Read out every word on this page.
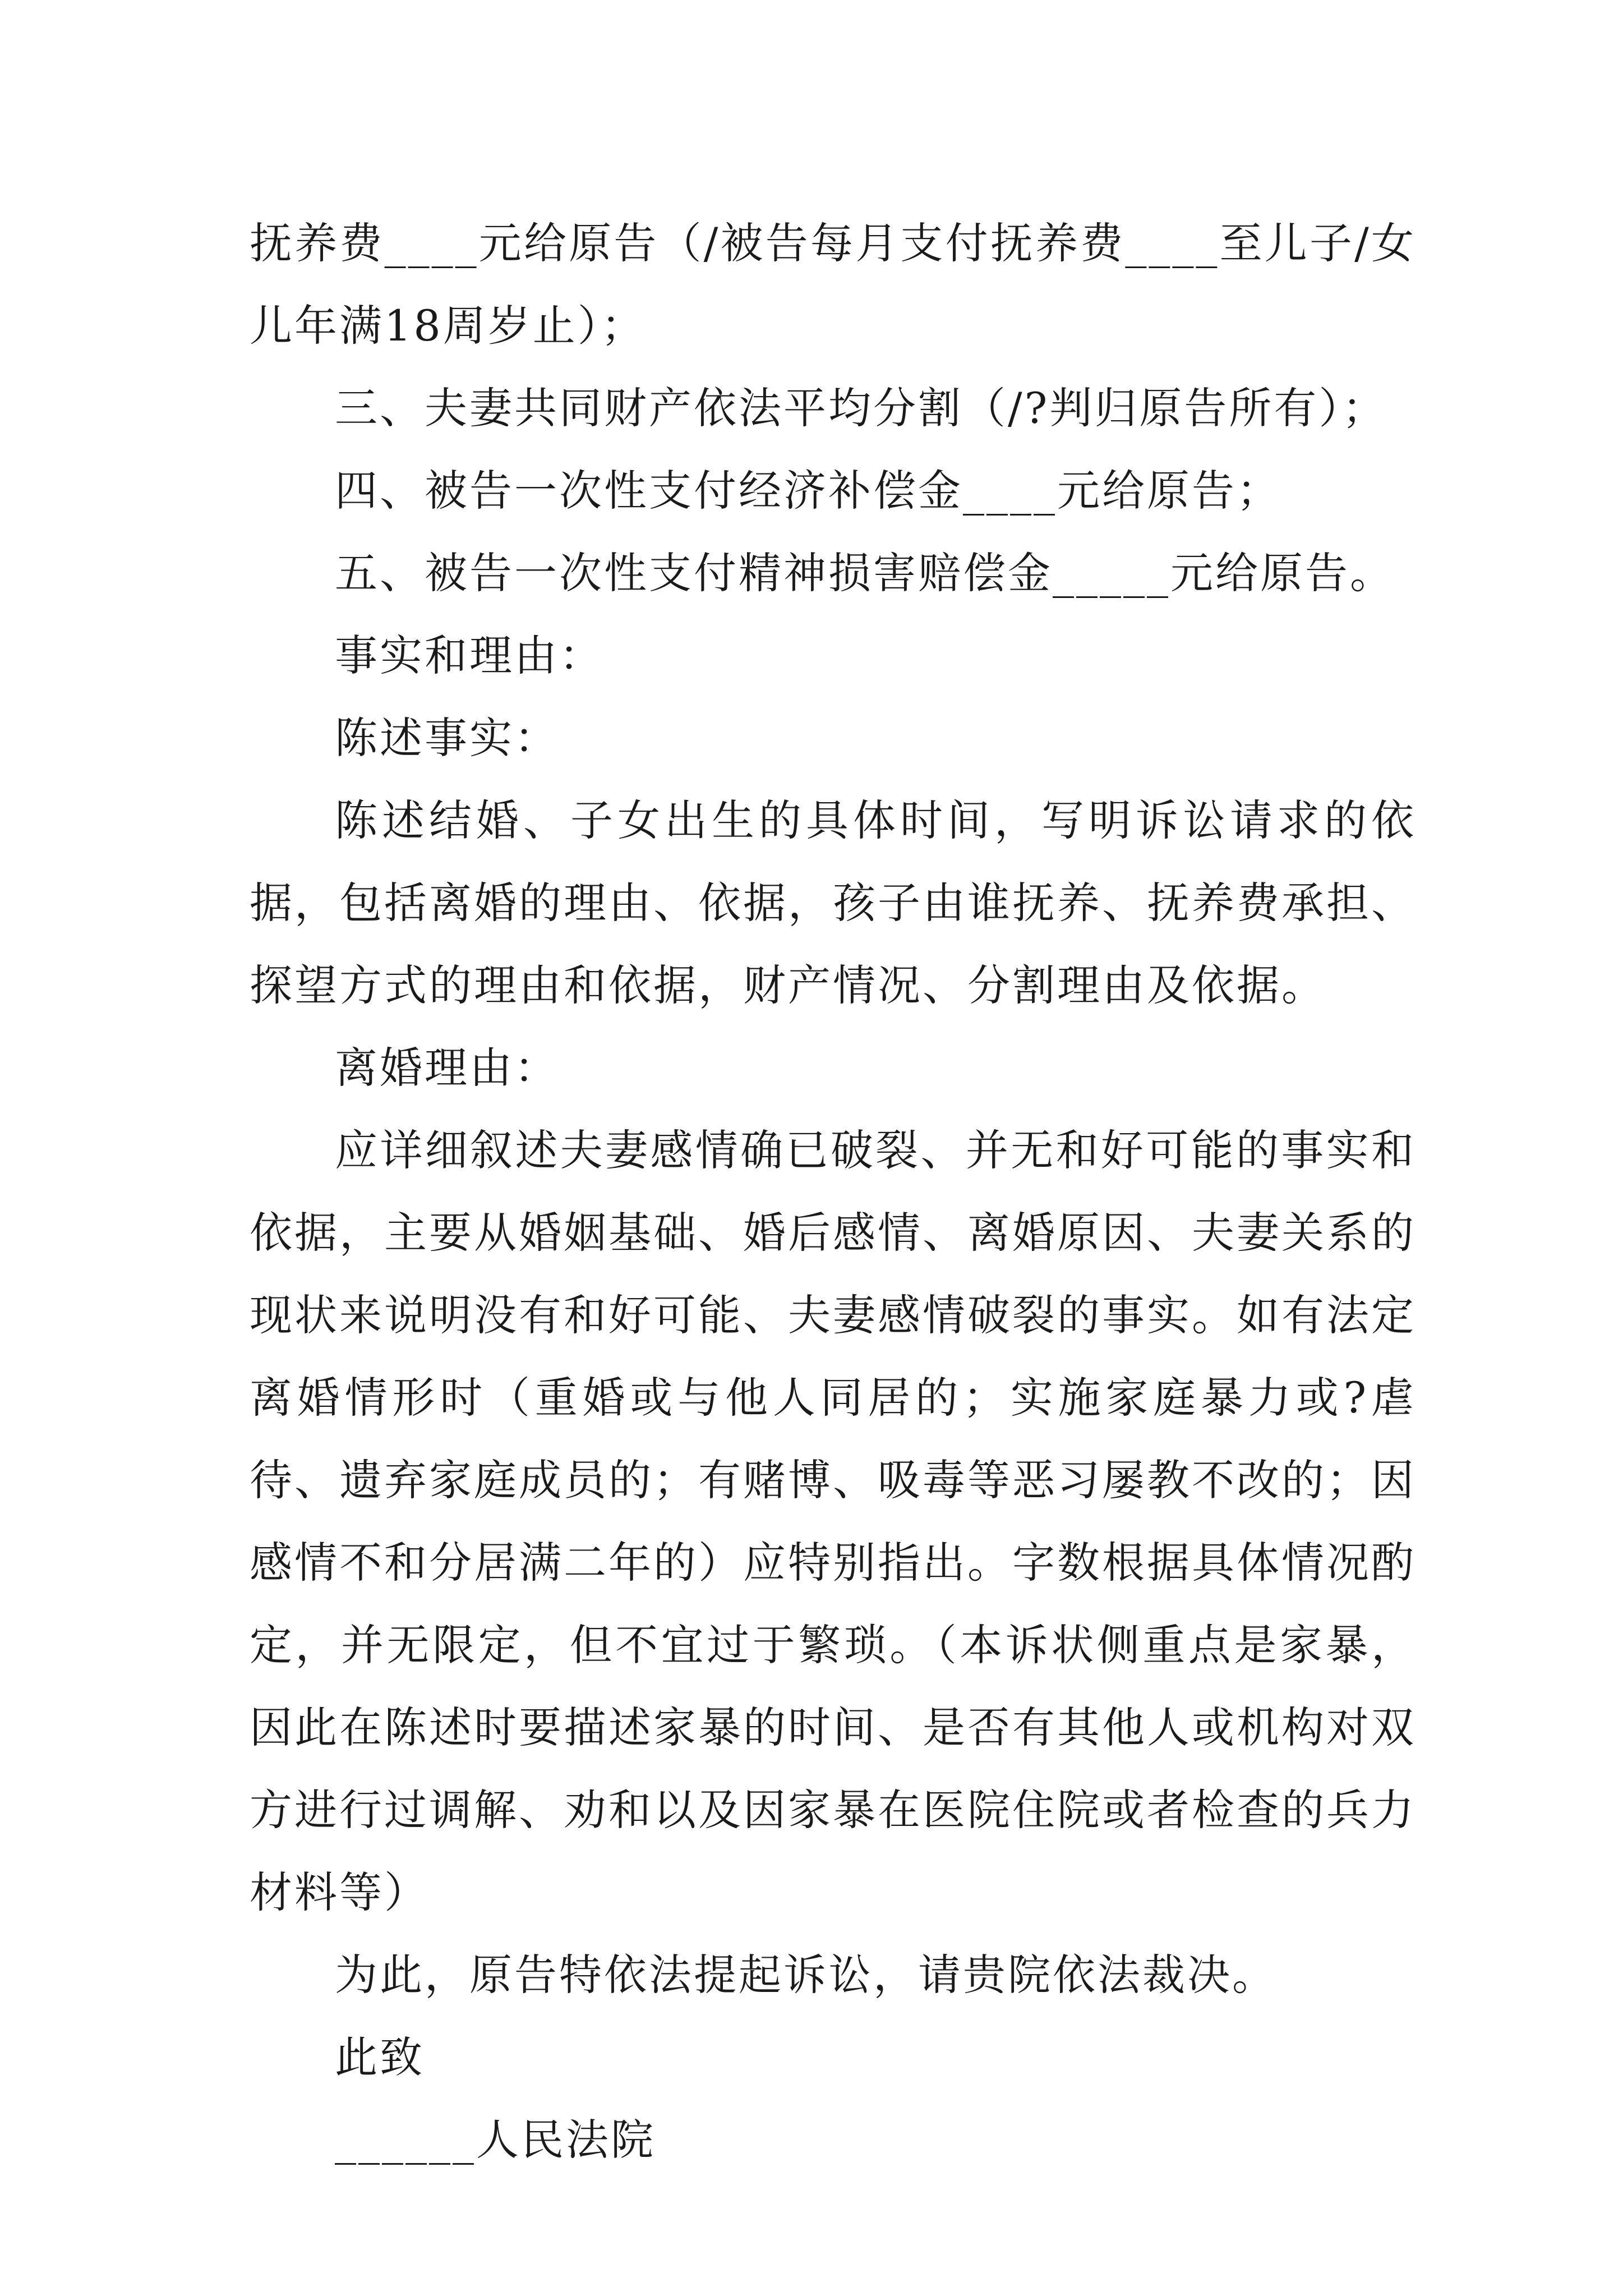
抚养费____元给原告（/被告每月支付抚养费____至儿子/女儿年满18周岁止）；

三、夫妻共同财产依法平均分割（/?判归原告所有）；

四、被告一次性支付经济补偿金____元给原告；

五、被告一次性支付精神损害赔偿金_____元给原告。

事实和理由：

陈述事实：

陈述结婚、子女出生的具体时间，写明诉讼请求的依据，包括离婚的理由、依据，孩子由谁抚养、抚养费承担、探望方式的理由和依据，财产情况、分割理由及依据。

离婚理由：

应详细叙述夫妻感情确已破裂、并无和好可能的事实和依据，主要从婚姻基础、婚后感情、离婚原因、夫妻关系的现状来说明没有和好可能、夫妻感情破裂的事实。如有法定离婚情形时（重婚或与他人同居的；实施家庭暴力或?虐待、遗弃家庭成员的；有赌博、吸毒等恶习屡教不改的；因感情不和分居满二年的）应特别指出。字数根据具体情况酌定，并无限定，但不宜过于繁琐。（本诉状侧重点是家暴，因此在陈述时要描述家暴的时间、是否有其他人或机构对双方进行过调解、劝和以及因家暴在医院住院或者检查的兵力材料等）

为此，原告特依法提起诉讼，请贵院依法裁决。

此致

______人民法院
